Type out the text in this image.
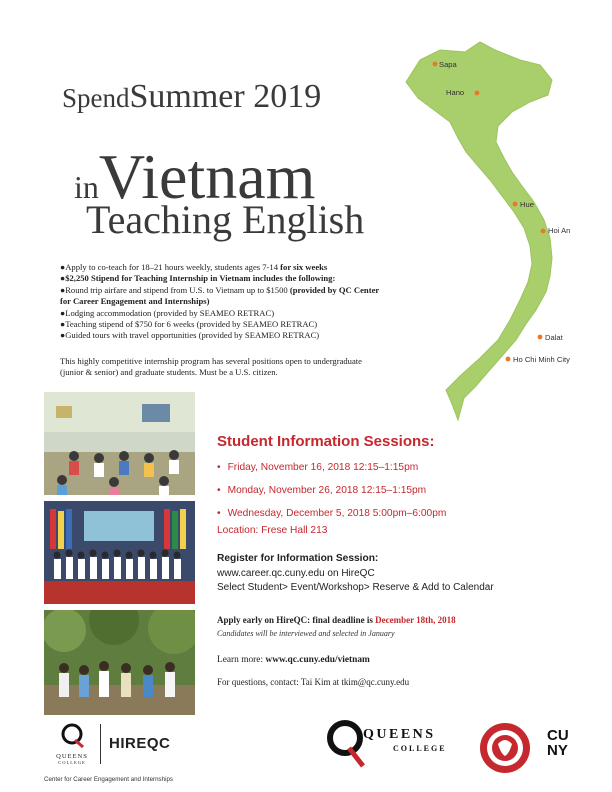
SpendSummer 2019
inVietnam
Teaching English
●Apply to co-teach for 18–21 hours weekly, students ages 7-14 for six weeks
●$2,250 Stipend for Teaching Internship in Vietnam includes the following:
●Round trip airfare and stipend from U.S. to Vietnam up to $1500 (provided by QC Center
for Career Engagement and Internships)
●Lodging accommodation (provided by SEAMEO RETRAC)
●Teaching stipend of $750 for 6 weeks (provided by SEAMEO RETRAC)
●Guided tours with travel opportunities (provided by SEAMEO RETRAC)
This highly competitive internship program has several positions open to undergraduate (junior & senior) and graduate students. Must be a U.S. citizen.
Sapa
Hano
Hue
Hoi An
Dalat
Ho Chi Minh City
Student Information Sessions:
• Friday, November 16, 2018 12:15–1:15pm
• Monday, November 26, 2018 12:15–1:15pm
• Wednesday, December 5, 2018 5:00pm–6:00pm
Location: Frese Hall 213
Register for Information Session:
www.career.qc.cuny.edu on HireQC
Select Student> Event/Workshop> Reserve & Add to Calendar
Apply early on HireQC: final deadline is December 18th, 2018
Candidates will be interviewed and selected in January
Learn more: www.qc.cuny.edu/vietnam
For questions, contact: Tai Kim at tkim@qc.cuny.edu
QUEENS
COLLEGE
HIREQC
Center for Career Engagement and Internships
QUEENS
COLLEGE
CU
NY
